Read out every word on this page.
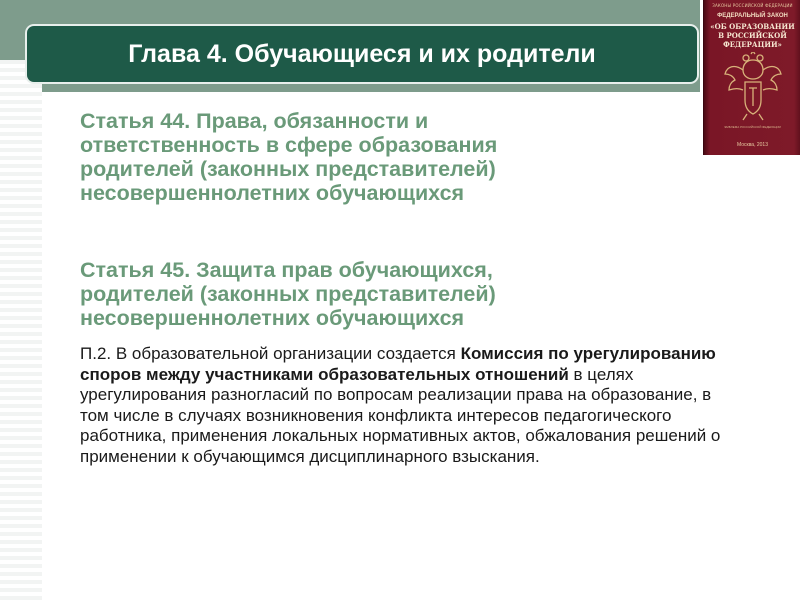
Глава 4. Обучающиеся и их родители
ЗАКОНЫ РОССИЙСКОЙ ФЕДЕРАЦИИ
ФЕДЕРАЛЬНЫЙ ЗАКОН
«ОБ ОБРАЗОВАНИИ
В РОССИЙСКОЙ
ФЕДЕРАЦИИ»
ЭМБЛЕМА РОССИЙСКОЙ ФЕДЕРАЦИИ
Москва, 2013
Статья 44. Права, обязанности и
ответственность в сфере образования
родителей (законных представителей)
несовершеннолетних обучающихся
Статья 45. Защита прав обучающихся,
родителей (законных представителей)
несовершеннолетних обучающихся
П.2. В образовательной организации создается Комиссия по урегулированию споров между участниками образовательных отношений в целях урегулирования разногласий по вопросам реализации права на образование, в том числе в случаях возникновения конфликта интересов педагогического работника, применения локальных нормативных актов, обжалования решений о применении к обучающимся дисциплинарного взыскания.
